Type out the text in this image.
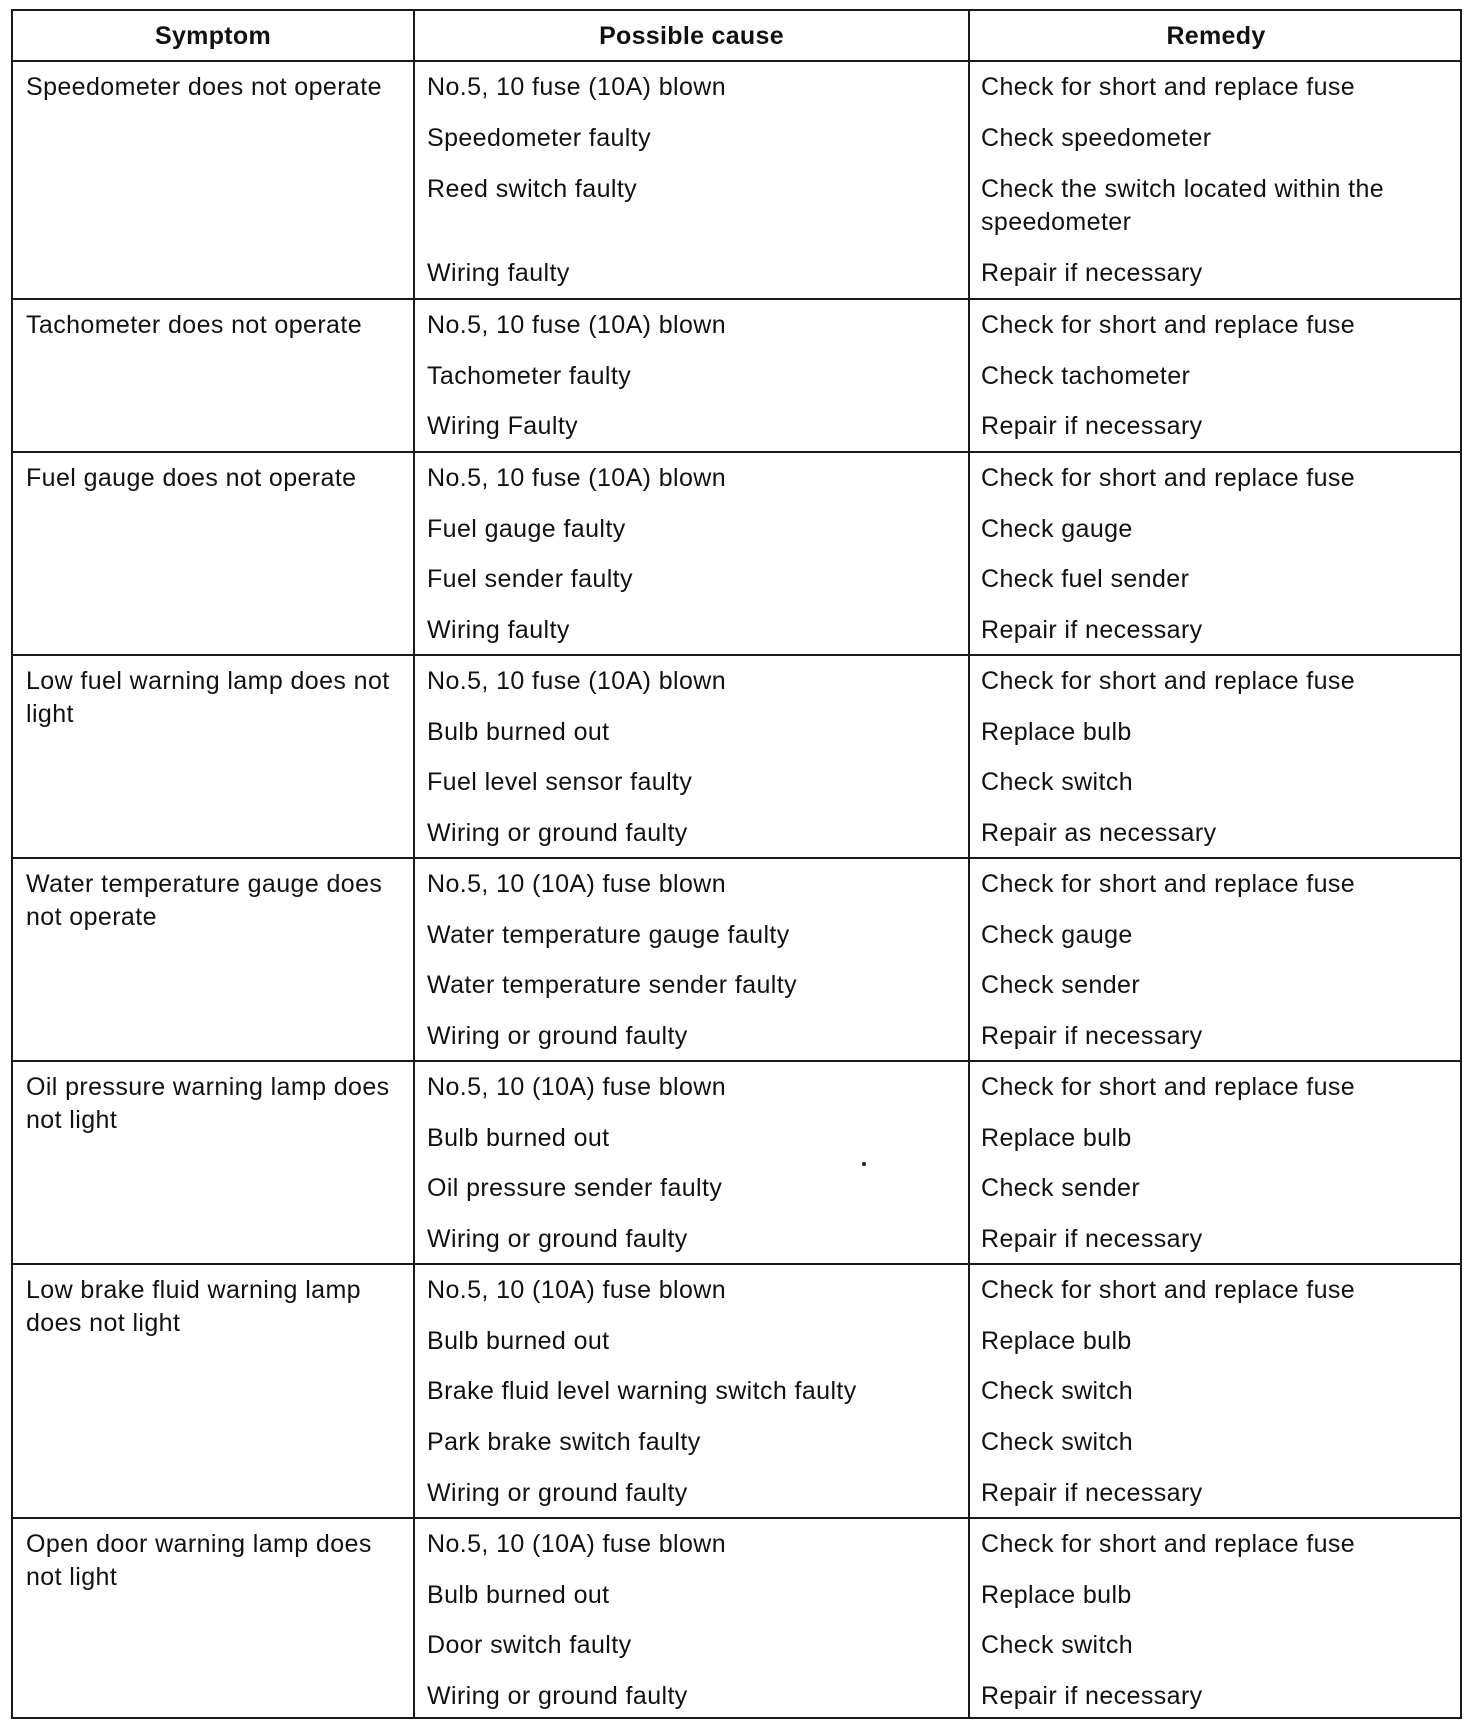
Symptom	Possible cause	Remedy
Speedometer does not operate	No.5, 10 fuse (10A) blown	Check for short and replace fuse
Speedometer faulty	Check speedometer
Reed switch faulty	Check the switch located within the speedometer
Wiring faulty	Repair if necessary
Tachometer does not operate	No.5, 10 fuse (10A) blown	Check for short and replace fuse
Tachometer faulty	Check tachometer
Wiring Faulty	Repair if necessary
Fuel gauge does not operate	No.5, 10 fuse (10A) blown	Check for short and replace fuse
Fuel gauge faulty	Check gauge
Fuel sender faulty	Check fuel sender
Wiring faulty	Repair if necessary
Low fuel warning lamp does not light
No.5, 10 fuse (10A) blown	Check for short and replace fuse
Bulb burned out	Replace bulb
Fuel level sensor faulty	Check switch
Wiring or ground faulty	Repair as necessary
Water temperature gauge does not operate
No.5, 10 (10A) fuse blown	Check for short and replace fuse
Water temperature gauge faulty	Check gauge
Water temperature sender faulty	Check sender
Wiring or ground faulty	Repair if necessary
Oil pressure warning lamp does not light
No.5, 10 (10A) fuse blown	Check for short and replace fuse
Bulb burned out	Replace bulb
Oil pressure sender faulty	Check sender
Wiring or ground faulty	Repair if necessary
Low brake fluid warning lamp does not light
No.5, 10 (10A) fuse blown	Check for short and replace fuse
Bulb burned out	Replace bulb
Brake fluid level warning switch faulty	Check switch
Park brake switch faulty	Check switch
Wiring or ground faulty	Repair if necessary
Open door warning lamp does not light
No.5, 10 (10A) fuse blown	Check for short and replace fuse
Bulb burned out	Replace bulb
Door switch faulty	Check switch
Wiring or ground faulty	Repair if necessary
